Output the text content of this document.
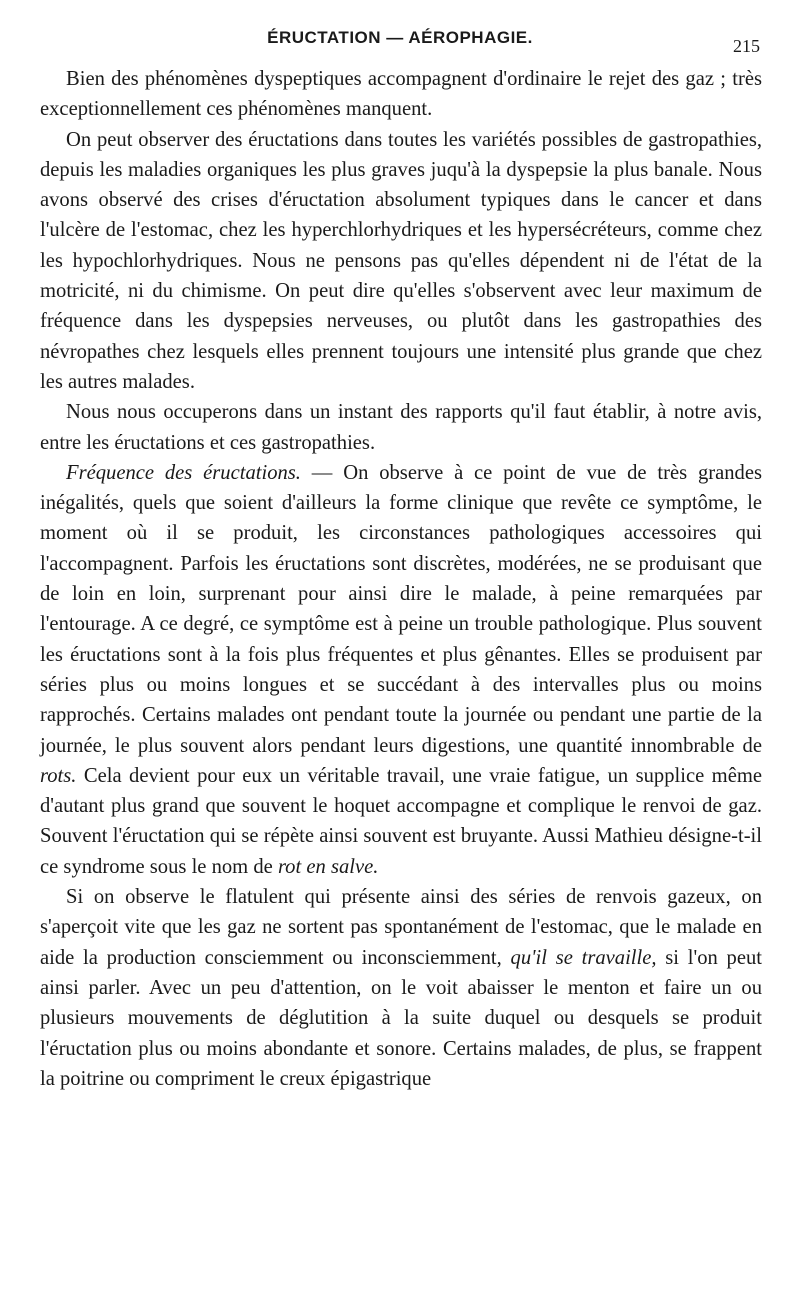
ÉRUCTATION — AÉROPHAGIE.	215

Bien des phénomènes dyspeptiques accompagnent d'ordinaire le rejet des gaz ; très exceptionnellement ces phénomènes manquent.

On peut observer des éructations dans toutes les variétés possibles de gastropathies, depuis les maladies organiques les plus graves juqu'à la dyspepsie la plus banale. Nous avons observé des crises d'éructation absolument typiques dans le cancer et dans l'ulcère de l'estomac, chez les hyperchlorhydriques et les hypersécréteurs, comme chez les hypochlorhydriques. Nous ne pensons pas qu'elles dépendent ni de l'état de la motricité, ni du chimisme. On peut dire qu'elles s'observent avec leur maximum de fréquence dans les dyspepsies nerveuses, ou plutôt dans les gastropathies des névropathes chez lesquels elles prennent toujours une intensité plus grande que chez les autres malades.

Nous nous occuperons dans un instant des rapports qu'il faut établir, à notre avis, entre les éructations et ces gastropathies.

Fréquence des éructations. — On observe à ce point de vue de très grandes inégalités, quels que soient d'ailleurs la forme clinique que revête ce symptôme, le moment où il se produit, les circonstances pathologiques accessoires qui l'accompagnent. Parfois les éructations sont discrètes, modérées, ne se produisant que de loin en loin, surprenant pour ainsi dire le malade, à peine remarquées par l'entourage. A ce degré, ce symptôme est à peine un trouble pathologique. Plus souvent les éructations sont à la fois plus fréquentes et plus gênantes. Elles se produisent par séries plus ou moins longues et se succédant à des intervalles plus ou moins rapprochés. Certains malades ont pendant toute la journée ou pendant une partie de la journée, le plus souvent alors pendant leurs digestions, une quantité innombrable de rots. Cela devient pour eux un véritable travail, une vraie fatigue, un supplice même d'autant plus grand que souvent le hoquet accompagne et complique le renvoi de gaz. Souvent l'éructation qui se répète ainsi souvent est bruyante. Aussi Mathieu désigne-t-il ce syndrome sous le nom de rot en salve.

Si on observe le flatulent qui présente ainsi des séries de renvois gazeux, on s'aperçoit vite que les gaz ne sortent pas spontanément de l'estomac, que le malade en aide la production consciemment ou inconsciemment, qu'il se travaille, si l'on peut ainsi parler. Avec un peu d'attention, on le voit abaisser le menton et faire un ou plusieurs mouvements de déglutition à la suite duquel ou desquels se produit l'éructation plus ou moins abondante et sonore. Certains malades, de plus, se frappent la poitrine ou compriment le creux épigastrique
